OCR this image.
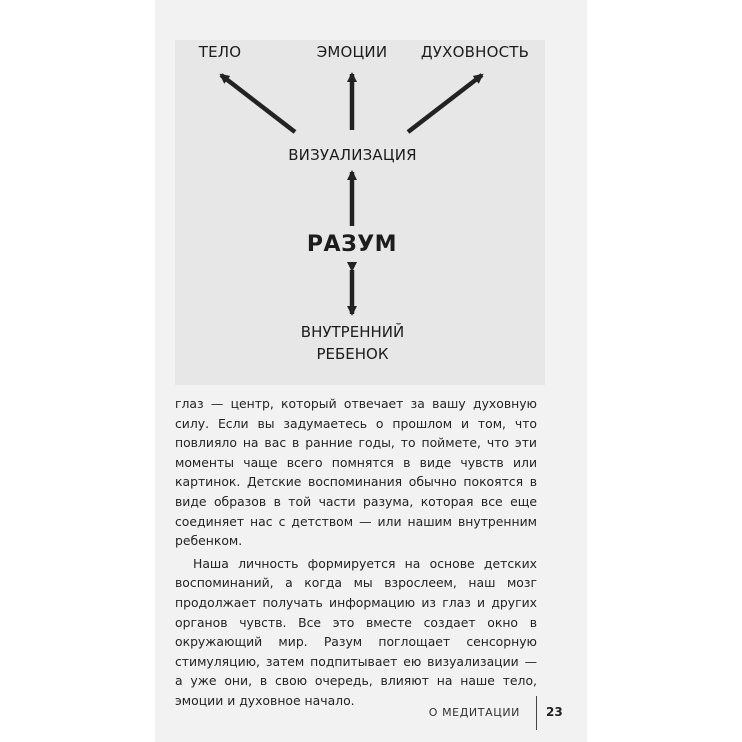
ТЕЛО	ЭМОЦИИ	ДУХОВНОСТЬ
ВИЗУАЛИЗАЦИЯ
РАЗУМ
ВНУТРЕННИЙ
РЕБЕНОК

глаз — центр, который отвечает за вашу духовную силу. Если вы задумаетесь о прошлом и том, что повлияло на вас в ранние годы, то поймете, что эти моменты чаще всего помнятся в виде чувств или картинок. Детские воспоминания обычно покоятся в виде образов в той части разума, которая все еще соединяет нас с детством — или нашим внутренним ребенком.

Наша личность формируется на основе детских воспоминаний, а когда мы взрослеем, наш мозг продолжает получать информацию из глаз и других органов чувств. Все это вместе создает окно в окружающий мир. Разум поглощает сенсорную стимуляцию, затем подпитывает ею визуализации — а уже они, в свою очередь, влияют на наше тело, эмоции и духовное начало.

О МЕДИТАЦИИ 23
